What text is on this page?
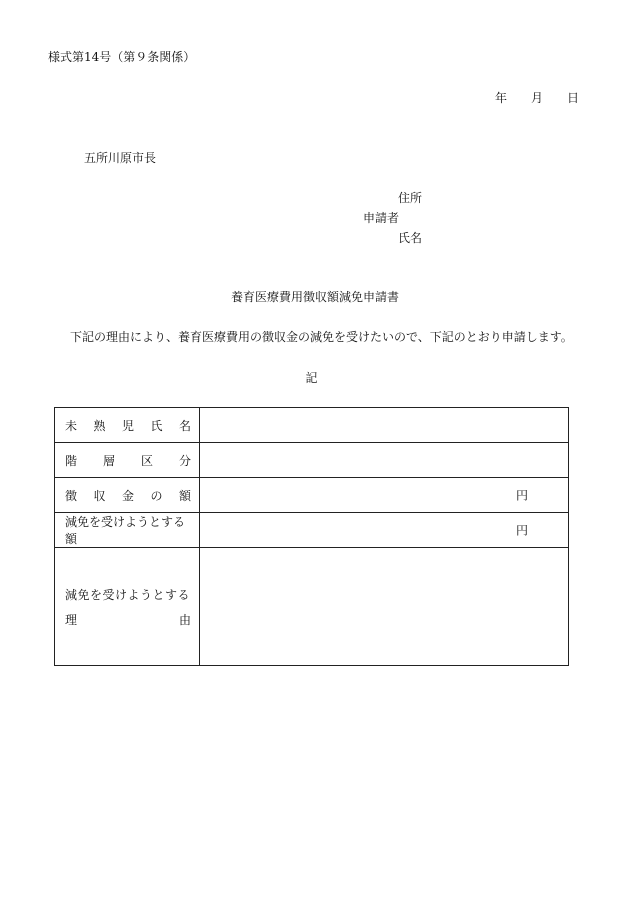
様式第14号（第９条関係）
年 月 日
五所川原市長
住所
申請者
氏名
養育医療費用徴収額減免申請書
下記の理由により、養育医療費用の徴収金の減免を受けたいので、下記のとおり申請します。
記
未 熟 児 氏 名	

階 層 区 分	

徴 収 金 の 額	円

減免を受けようとする額	円

減免を受けようとする
理 由	
